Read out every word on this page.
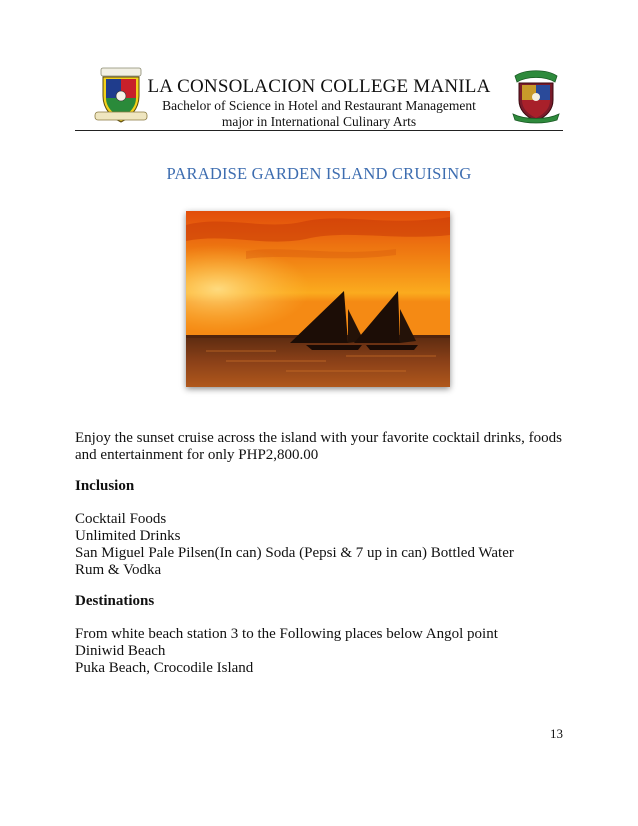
LA CONSOLACION COLLEGE MANILA
Bachelor of Science in Hotel and Restaurant Management
major in International Culinary Arts
PARADISE GARDEN ISLAND CRUISING

Enjoy the sunset cruise across the island with your favorite cocktail drinks, foods

and entertainment for only PHP2,800.00

Inclusion

Cocktail Foods

Unlimited Drinks

San Miguel Pale Pilsen(In can) Soda (Pepsi & 7 up in can) Bottled Water

Rum & Vodka

Destinations

From white beach station 3 to the Following places below Angol point

Diniwid Beach

Puka Beach, Crocodile Island

13
